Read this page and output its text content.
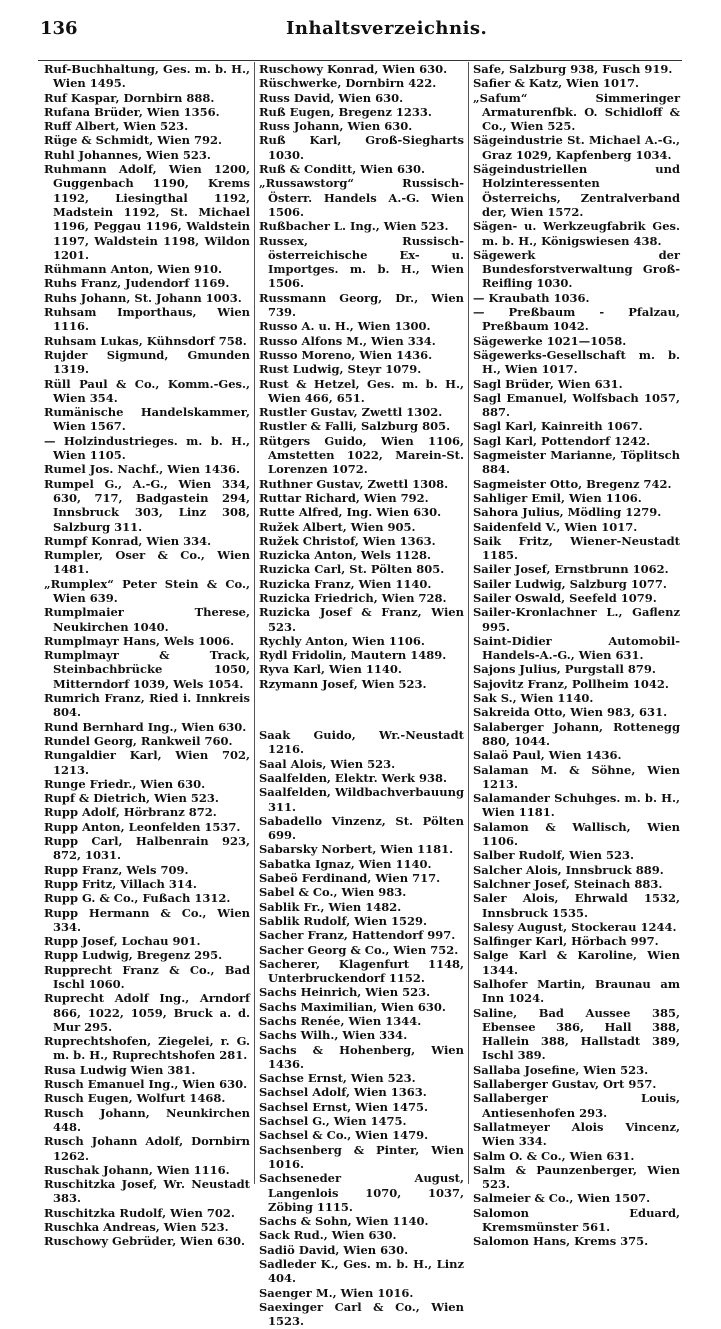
136	Inhaltsverzeichnis.

Ruf-Buchhaltung, Ges. m. b. H., Wien 1495.

Ruf Kaspar, Dornbirn 888.

Rufana Brüder, Wien 1356.

Ruff Albert, Wien 523.

Rüge & Schmidt, Wien 792.

Ruhl Johannes, Wien 523.

Ruhmann Adolf, Wien 1200, Guggenbach 1190, Krems 1192, Liesingthal 1192, Madstein 1192, St. Michael 1196, Peggau 1196, Waldstein 1197, Waldstein 1198, Wildon 1201.

Rühmann Anton, Wien 910.

Ruhs Franz, Judendorf 1169.

Ruhs Johann, St. Johann 1003.

Ruhsam Importhaus, Wien 1116.

Ruhsam Lukas, Kühnsdorf 758.

Rujder Sigmund, Gmunden 1319.

Rüll Paul & Co., Komm.-Ges., Wien 354.

Rumänische Handelskammer, Wien 1567.

— Holzindustrieges. m. b. H., Wien 1105.

Rumel Jos. Nachf., Wien 1436.

Rumpel G., A.-G., Wien 334, 630, 717, Badgastein 294, Innsbruck 303, Linz 308, Salzburg 311.

Rumpf Konrad, Wien 334.

Rumpler, Oser & Co., Wien 1481.

„Rumplex“ Peter Stein & Co., Wien 639.

Rumplmaier Therese, Neukirchen 1040.

Rumplmayr Hans, Wels 1006.

Rumplmayr & Track, Steinbachbrücke 1050, Mitterndorf 1039, Wels 1054.

Rumrich Franz, Ried i. Innkreis 804.

Rund Bernhard Ing., Wien 630.

Rundel Georg, Rankweil 760.

Rungaldier Karl, Wien 702, 1213.

Runge Friedr., Wien 630.

Rupf & Dietrich, Wien 523.

Rupp Adolf, Hörbranz 872.

Rupp Anton, Leonfelden 1537.

Rupp Carl, Halbenrain 923, 872, 1031.

Rupp Franz, Wels 709.

Rupp Fritz, Villach 314.

Rupp G. & Co., Fußach 1312.

Rupp Hermann & Co., Wien 334.

Rupp Josef, Lochau 901.

Rupp Ludwig, Bregenz 295.

Rupprecht Franz & Co., Bad Ischl 1060.

Ruprecht Adolf Ing., Arndorf 866, 1022, 1059, Bruck a. d. Mur 295.

Ruprechtshofen, Ziegelei, r. G. m. b. H., Ruprechtshofen 281.

Rusa Ludwig Wien 381.

Rusch Emanuel Ing., Wien 630.

Rusch Eugen, Wolfurt 1468.

Rusch Johann, Neunkirchen 448.

Rusch Johann Adolf, Dornbirn 1262.

Ruschak Johann, Wien 1116.

Ruschitzka Josef, Wr. Neustadt 383.

Ruschitzka Rudolf, Wien 702.

Ruschka Andreas, Wien 523.

Ruschowy Gebrüder, Wien 630.

Ruschowy Konrad, Wien 630.

Rüschwerke, Dornbirn 422.

Russ David, Wien 630.

Ruß Eugen, Bregenz 1233.

Russ Johann, Wien 630.

Ruß Karl, Groß-Siegharts 1030.

Ruß & Conditt, Wien 630.

„Russawstorg“ Russisch-Österr. Handels A.-G. Wien 1506.

Rußbacher L. Ing., Wien 523.

Russex, Russisch-österreichische Ex- u. Importges. m. b. H., Wien 1506.

Russmann Georg, Dr., Wien 739.

Russo A. u. H., Wien 1300.

Russo Alfons M., Wien 334.

Russo Moreno, Wien 1436.

Rust Ludwig, Steyr 1079.

Rust & Hetzel, Ges. m. b. H., Wien 466, 651.

Rustler Gustav, Zwettl 1302.

Rustler & Falli, Salzburg 805.

Rütgers Guido, Wien 1106, Amstetten 1022, Marein-St. Lorenzen 1072.

Ruthner Gustav, Zwettl 1308.

Ruttar Richard, Wien 792.

Rutte Alfred, Ing. Wien 630.

Ružek Albert, Wien 905.

Ružek Christof, Wien 1363.

Ruzicka Anton, Wels 1128.

Ruzicka Carl, St. Pölten 805.

Ruzicka Franz, Wien 1140.

Ruzicka Friedrich, Wien 728.

Ruzicka Josef & Franz, Wien 523.

Rychly Anton, Wien 1106.

Rydl Fridolin, Mautern 1489.

Ryva Karl, Wien 1140.

Rzymann Josef, Wien 523.

Saak Guido, Wr.-Neustadt 1216.

Saal Alois, Wien 523.

Saalfelden, Elektr. Werk 938.

Saalfelden, Wildbachverbauung 311.

Sabadello Vinzenz, St. Pölten 699.

Sabarsky Norbert, Wien 1181.

Sabatka Ignaz, Wien 1140.

Sabeö Ferdinand, Wien 717.

Sabel & Co., Wien 983.

Sablik Fr., Wien 1482.

Sablik Rudolf, Wien 1529.

Sacher Franz, Hattendorf 997.

Sacher Georg & Co., Wien 752.

Sacherer, Klagenfurt 1148, Unterbruckendorf 1152.

Sachs Heinrich, Wien 523.

Sachs Maximilian, Wien 630.

Sachs Renée, Wien 1344.

Sachs Wilh., Wien 334.

Sachs & Hohenberg, Wien 1436.

Sachse Ernst, Wien 523.

Sachsel Adolf, Wien 1363.

Sachsel Ernst, Wien 1475.

Sachsel G., Wien 1475.

Sachsel & Co., Wien 1479.

Sachsenberg & Pinter, Wien 1016.

Sachseneder August, Langenlois 1070, 1037, Zöbing 1115.

Sachs & Sohn, Wien 1140.

Sack Rud., Wien 630.

Sadiö David, Wien 630.

Sadleder K., Ges. m. b. H., Linz 404.

Saenger M., Wien 1016.

Saexinger Carl & Co., Wien 1523.

Safe, Salzburg 938, Fusch 919.

Safier & Katz, Wien 1017.

„Safum“ Simmeringer Armaturenfbk. O. Schidloff & Co., Wien 525.

Sägeindustrie St. Michael A.-G., Graz 1029, Kapfenberg 1034.

Sägeindustriellen und Holzinteressenten Österreichs, Zentralverband der, Wien 1572.

Sägen- u. Werkzeugfabrik Ges. m. b. H., Königswiesen 438.

Sägewerk der Bundesforstverwaltung Groß-Reifling 1030.

— Kraubath 1036.

— Preßbaum - Pfalzau, Preßbaum 1042.

Sägewerke 1021—1058.

Sägewerks-Gesellschaft m. b. H., Wien 1017.

Sagl Brüder, Wien 631.

Sagl Emanuel, Wolfsbach 1057, 887.

Sagl Karl, Kainreith 1067.

Sagl Karl, Pottendorf 1242.

Sagmeister Marianne, Töplitsch 884.

Sagmeister Otto, Bregenz 742.

Sahliger Emil, Wien 1106.

Sahora Julius, Mödling 1279.

Saidenfeld V., Wien 1017.

Saik Fritz, Wiener-Neustadt 1185.

Sailer Josef, Ernstbrunn 1062.

Sailer Ludwig, Salzburg 1077.

Sailer Oswald, Seefeld 1079.

Sailer-Kronlachner L., Gaflenz 995.

Saint-Didier Automobil-Handels-A.-G., Wien 631.

Sajons Julius, Purgstall 879.

Sajovitz Franz, Pollheim 1042.

Sak S., Wien 1140.

Sakreida Otto, Wien 983, 631.

Salaberger Johann, Rottenegg 880, 1044.

Salaö Paul, Wien 1436.

Salaman M. & Söhne, Wien 1213.

Salamander Schuhges. m. b. H., Wien 1181.

Salamon & Wallisch, Wien 1106.

Salber Rudolf, Wien 523.

Salcher Alois, Innsbruck 889.

Salchner Josef, Steinach 883.

Saler Alois, Ehrwald 1532, Innsbruck 1535.

Salesy August, Stockerau 1244.

Salfinger Karl, Hörbach 997.

Salge Karl & Karoline, Wien 1344.

Salhofer Martin, Braunau am Inn 1024.

Saline, Bad Aussee 385, Ebensee 386, Hall 388, Hallein 388, Hallstadt 389, Ischl 389.

Sallaba Josefine, Wien 523.

Sallaberger Gustav, Ort 957.

Sallaberger Louis, Antiesenhofen 293.

Sallatmeyer Alois Vincenz, Wien 334.

Salm O. & Co., Wien 631.

Salm & Paunzenberger, Wien 523.

Salmeier & Co., Wien 1507.

Salomon Eduard, Kremsmünster 561.

Salomon Hans, Krems 375.
